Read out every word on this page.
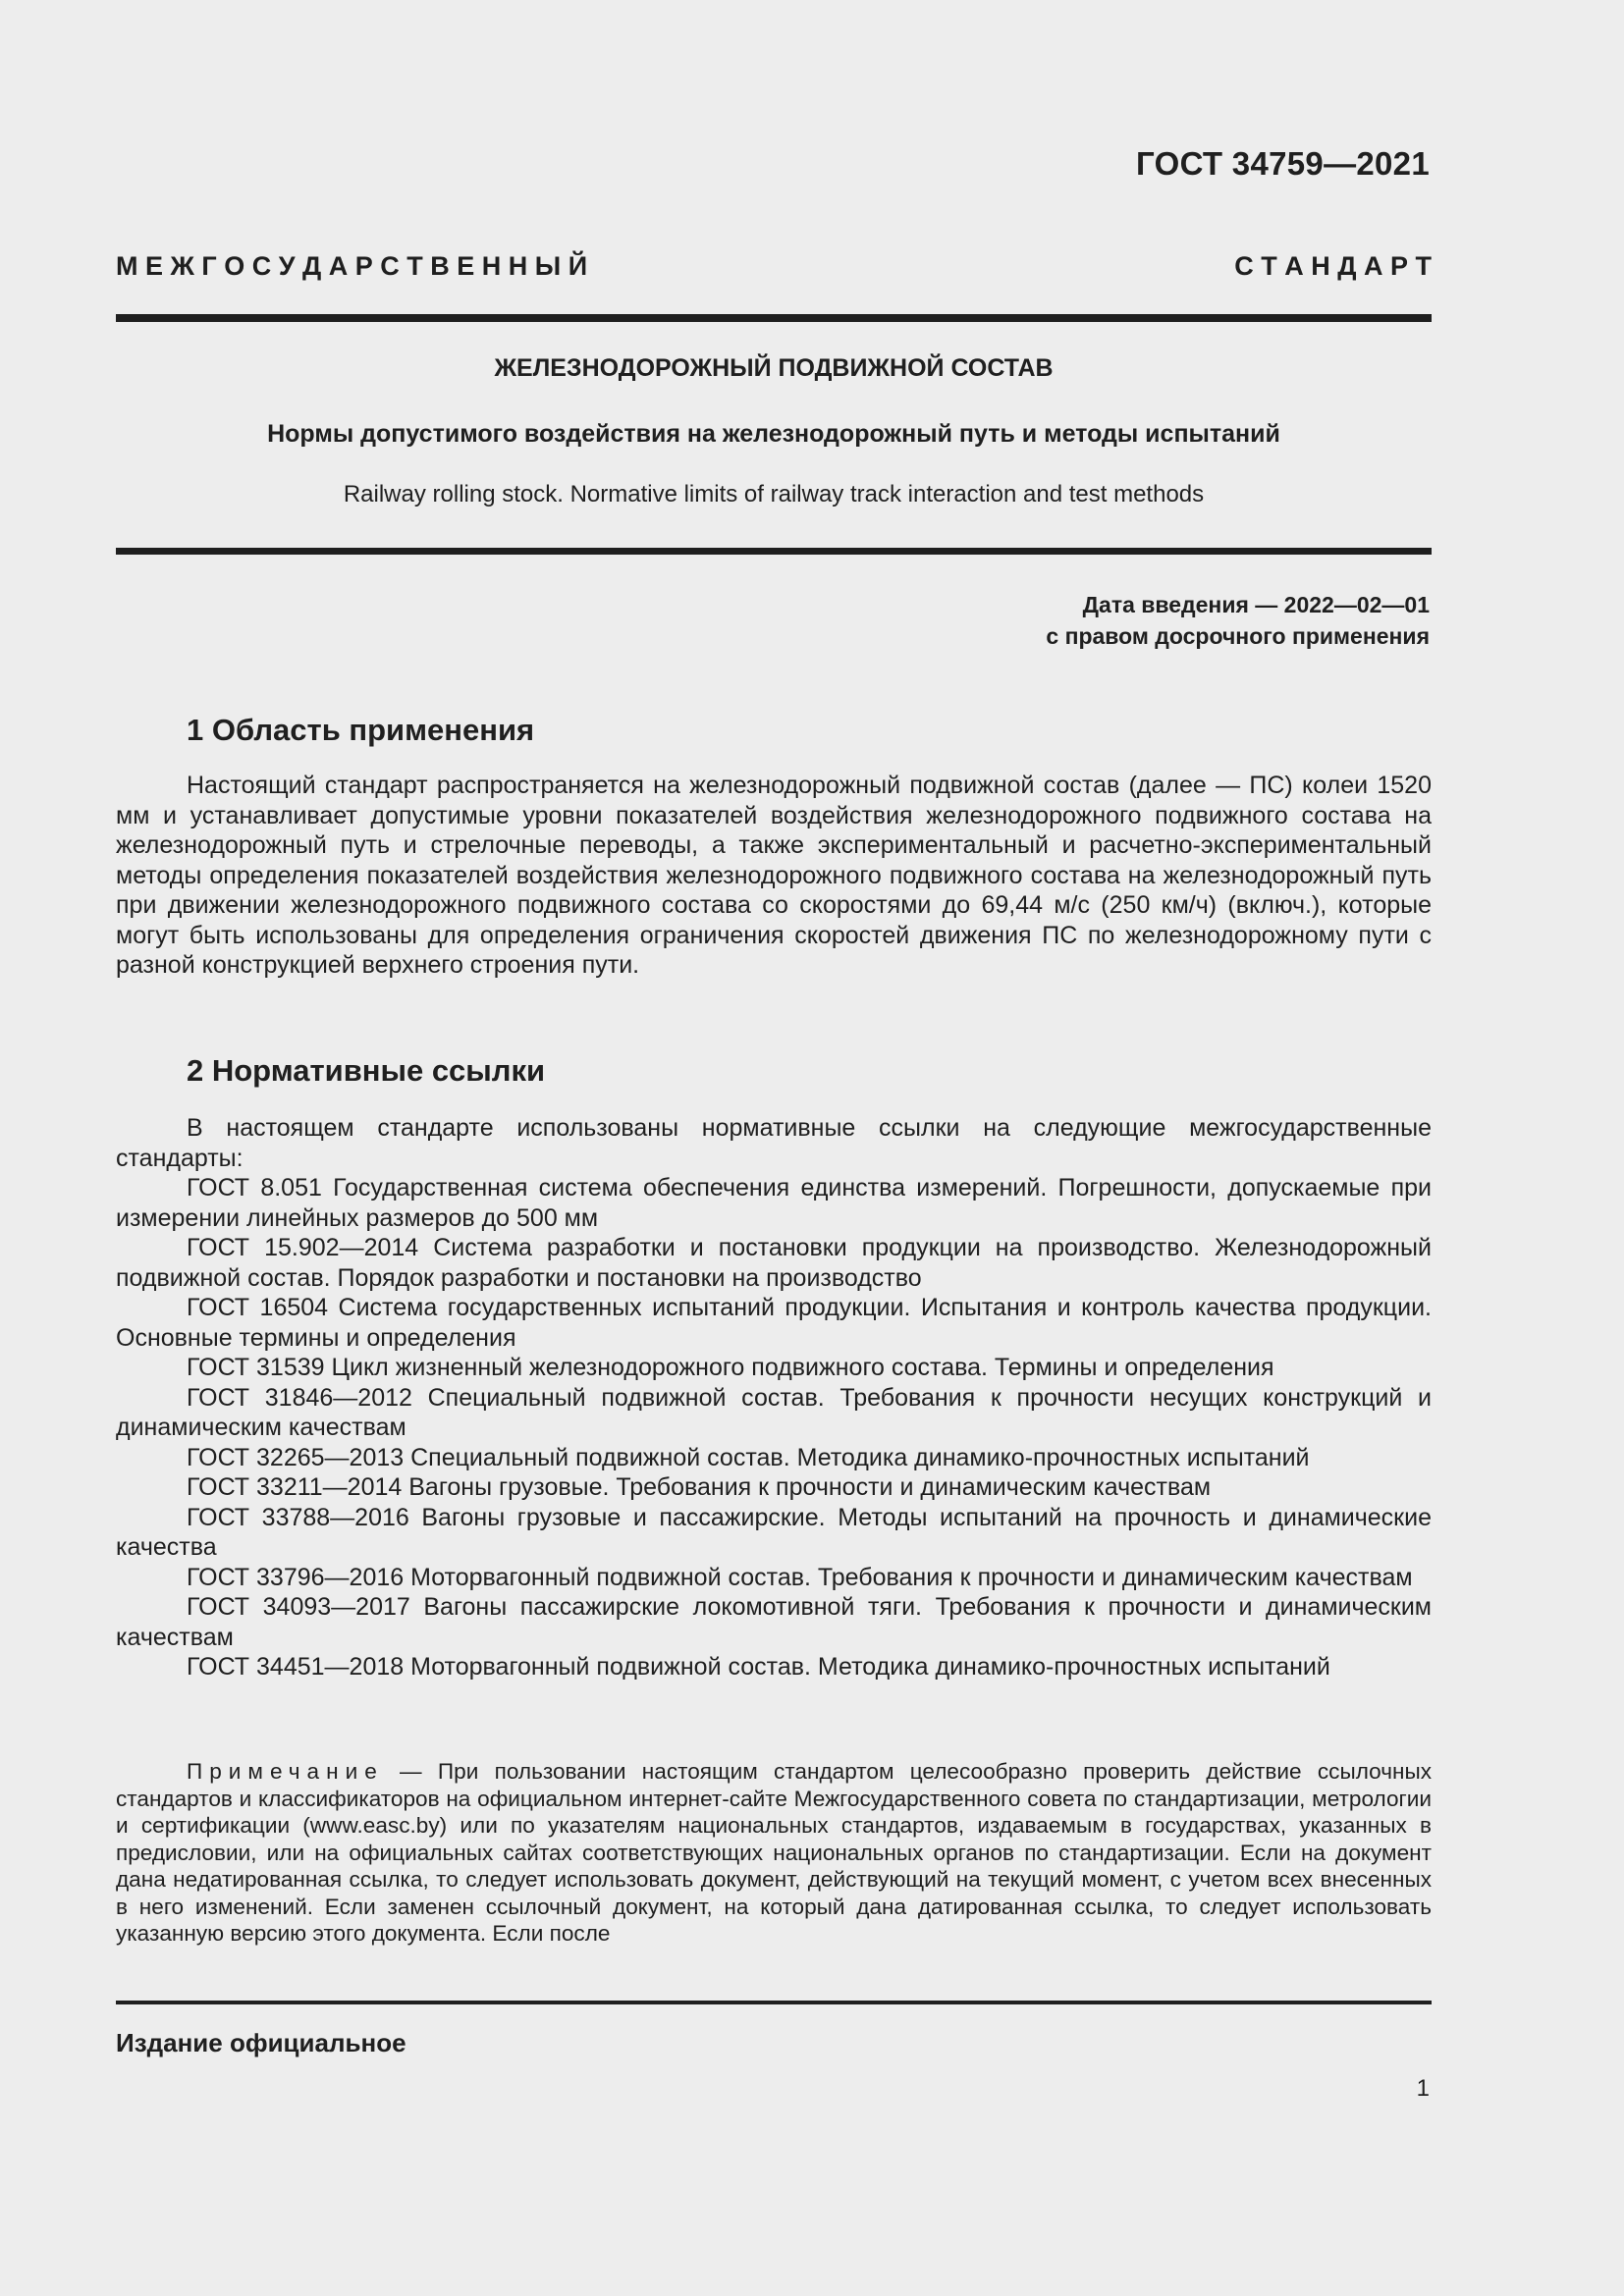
ГОСТ 34759—2021
М Е Ж Г О С У Д А Р С Т В Е Н Н Ы Й	С Т А Н Д А Р Т
ЖЕЛЕЗНОДОРОЖНЫЙ ПОДВИЖНОЙ СОСТАВ
Нормы допустимого воздействия на железнодорожный путь и методы испытаний
Railway rolling stock. Normative limits of railway track interaction and test methods
Дата введения — 2022—02—01
с правом досрочного применения
1 Область применения

Настоящий стандарт распространяется на железнодорожный подвижной состав (далее — ПС) колеи 1520 мм и устанавливает допустимые уровни показателей воздействия железнодорожного подвижного состава на железнодорожный путь и стрелочные переводы, а также экспериментальный и расчетно-экспериментальный методы определения показателей воздействия железнодорожного подвижного состава на железнодорожный путь при движении железнодорожного подвижного состава со скоростями до 69,44 м/с (250 км/ч) (включ.), которые могут быть использованы для определения ограничения скоростей движения ПС по железнодорожному пути с разной конструкцией верхнего строения пути.

2 Нормативные ссылки

В настоящем стандарте использованы нормативные ссылки на следующие межгосударственные стандарты:

ГОСТ 8.051 Государственная система обеспечения единства измерений. Погрешности, допускаемые при измерении линейных размеров до 500 мм

ГОСТ 15.902—2014 Система разработки и постановки продукции на производство. Железнодорожный подвижной состав. Порядок разработки и постановки на производство

ГОСТ 16504 Система государственных испытаний продукции. Испытания и контроль качества продукции. Основные термины и определения

ГОСТ 31539 Цикл жизненный железнодорожного подвижного состава. Термины и определения

ГОСТ 31846—2012 Специальный подвижной состав. Требования к прочности несущих конструкций и динамическим качествам

ГОСТ 32265—2013 Специальный подвижной состав. Методика динамико-прочностных испытаний

ГОСТ 33211—2014 Вагоны грузовые. Требования к прочности и динамическим качествам

ГОСТ 33788—2016 Вагоны грузовые и пассажирские. Методы испытаний на прочность и динамические качества

ГОСТ 33796—2016 Моторвагонный подвижной состав. Требования к прочности и динамическим качествам

ГОСТ 34093—2017 Вагоны пассажирские локомотивной тяги. Требования к прочности и динамическим качествам

ГОСТ 34451—2018 Моторвагонный подвижной состав. Методика динамико-прочностных испытаний

Примечание — При пользовании настоящим стандартом целесообразно проверить действие ссылочных стандартов и классификаторов на официальном интернет-сайте Межгосударственного совета по стандартизации, метрологии и сертификации (www.easc.by) или по указателям национальных стандартов, издаваемым в государствах, указанных в предисловии, или на официальных сайтах соответствующих национальных органов по стандартизации. Если на документ дана недатированная ссылка, то следует использовать документ, действующий на текущий момент, с учетом всех внесенных в него изменений. Если заменен ссылочный документ, на который дана датированная ссылка, то следует использовать указанную версию этого документа. Если после

Издание официальное
1
